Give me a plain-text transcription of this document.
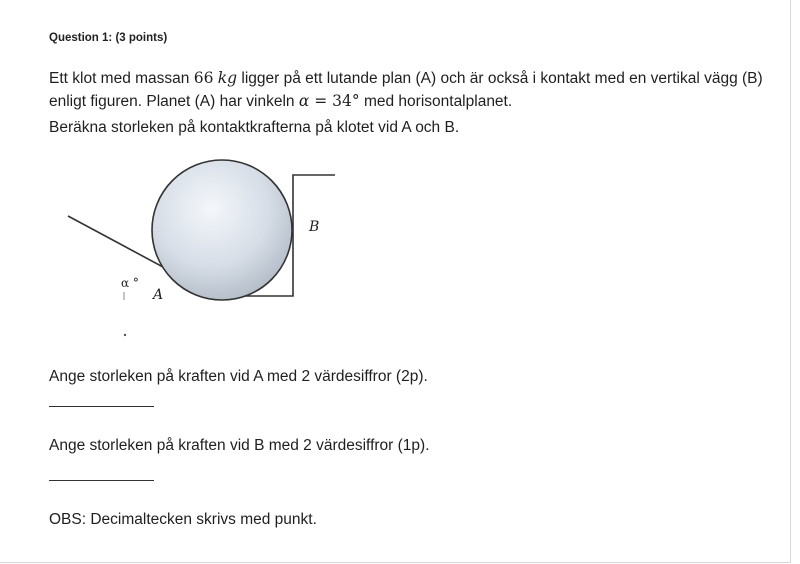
Question 1: (3 points)
Ett klot med massan 66 kg ligger på ett lutande plan (A) och är också i kontakt med en vertikal vägg (B) enligt figuren. Planet (A) har vinkeln α = 34° med horisontalplanet.
Beräkna storleken på kontaktkrafterna på klotet vid A och B.
B
A
α °
Ange storleken på kraften vid A med 2 värdesiffror (2p).
Ange storleken på kraften vid B med 2 värdesiffror (1p).
OBS: Decimaltecken skrivs med punkt.
